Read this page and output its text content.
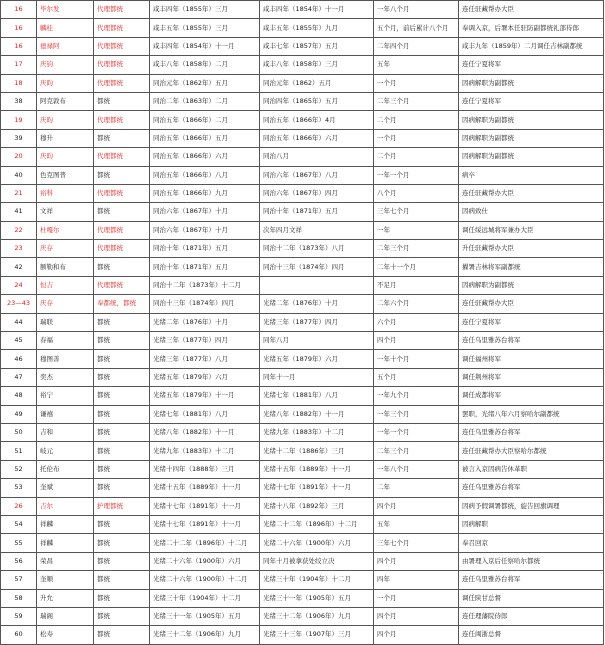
16	毕尔发	代理都统	咸丰四年（1855年）三月	咸丰四年（1854年）十一月	一年八个月	连任驻藏帮办大臣
16	麟桂	代理都统	咸丰五年（1855年）三月	咸丰五年（1855年）九月	五个月，前后累计八个月	奉调入京，后署本任驻防副都统礼部侍郎
16	德禄阿	代理都统	咸丰四年（1854年）十一月	咸丰七年（1857年）五月	二年四个月	咸丰九年（1859年）二月调任吉林副都统
17	庆钧	代理都统	咸丰八年（1858年）二月	咸丰八年（1858年）三月	五年	连任宁夏将军
18	庆昀	代理都统	同治元年（1862年）五月	同治元年（1862）五月	一个月	因病解职为副都统
38	阿克敦布	都统	同治二年（1863年）二月	同治四年（1865年）五月	二年三个月	连任宁夏将军
19	庆昀	代理都统	同治五年（1866年）二月	同治五年（1866年）4月	二个月	因病解职为副都统
39	穆升	都统	同治五年（1866年）五月	同治五年（1866年）六月	一个月	因病解职为副都统
20	庆昀	代理都统	同治五年（1866年）六月	同治八月	二个月	因病解职为副都统
40	色克图普	都统	同治五年（1866年）八月	同治六年（1867年）八月	一年一个月	病卒
21	裕科	代理都统	同治五年（1866年）九月	同治六年（1867年）四月	八个月	连任驻藏帮办大臣
41	文祥	都统	同治六年（1867年）十月	同治十年（1871年）五月	三年七个月	因病致仕
22	杜嘎尔	代理都统	同治六年（1867年）十月	次年四月文祥	一年	调任绥远城将军兼办大臣
23	庆存	代理都统	同治十年（1871年）五月	同治十二年（1873年）八月	二年三个月	升任驻藏帮办大臣
42	额勒和布	都统	同治十年（1871年）五月	同治十三年（1874年）四月	二年十一个月	擢署吉林将军副都统
24	恒吉	代理都统	同治十二年（1873年）十二月		不足月	因病解职为副都统
23—43	庆存	奉都统，都统	同治十三年（1874年）四月	光绪二年（1876年）十月	二年六个月	连任驻藏帮办大臣
44	瑞联	都统	光绪二年（1876年）十月	光绪三年（1877年）四月	六个月	连任宁夏将军
45	春福	都统	光绪三年（1877年）四月	同年八月	四个月	连任乌里雅苏台将军
46	穆图善	都统	光绪三年（1877年）八月	光绪五年（1879年）六月	一年十个月	调任福州将军
47	奕杰	都统	光绪五年（1879年）六月	同年十一月	五个月	调任荆州将军
48	裕宁	都统	光绪五年（1879年）十一月	光绪七年（1881年）八月	一年九个月	调任成都将军
49	谦禧	都统	光绪七年（1881年）八月	光绪八年（1882年）十一月	一年三个月	罢职，光绪八年六月察哈尔副都统
50	吉和	都统	光绪八年（1882年）十一月	光绪九年（1883年）十二月	一年一个月	连任乌里雅苏台将军
51	岐元	都统	光绪九年（1883年）十二月	光绪十二年（1886年）三月	二年三个月	连任驻藏帮办大臣察哈尔都统
52	托伦布	都统	光绪十四年（1888年）三月	光绪十五年（1889年）十一月	一年八个月	被言入京因病告休革职
53	奎斌	都统	光绪十五年（1889年）十一月	光绪十七年（1891年）十一月	二年	连任乌里雅苏台将军
26	吉尔	护理都统	光绪十七年（1891年）十一月	光绪十八年（1892年）三月	四个月	因病予假调署都统，旋告回旗调理
54	祥麟	都统	光绪十七年（1891年）十一月	光绪二十二年（1896年）十二月	五年	因病解职
55	祥麟	都统	光绪二十二年（1896年）十二月	光绪二十六年（1900年）六月	三年七个月	奉召回京
56	荣昌	都统	光绪二十六年（1900年）六月	同年十月被拿获处绞立决	四个月	由署理入京后任察哈尔都统
57	奎顺	都统	光绪二十六年（1900年）十二月	光绪三十年（1904年）十二月	四年	连任乌里雅苏台将军
58	升允	都统	光绪三十年（1904年）十二月	光绪三十一年（1905年）五月	一个月	调任陕甘总督
59	瑞阁	都统	光绪三十一年（1905年）五月	光绪三十二年（1906年）九月	四个月	连任理藩院侍郎
60	松寿	都统	光绪三十二年（1906年）九月	光绪三十三年（1907年）三月	四个月	连任闽浙总督
